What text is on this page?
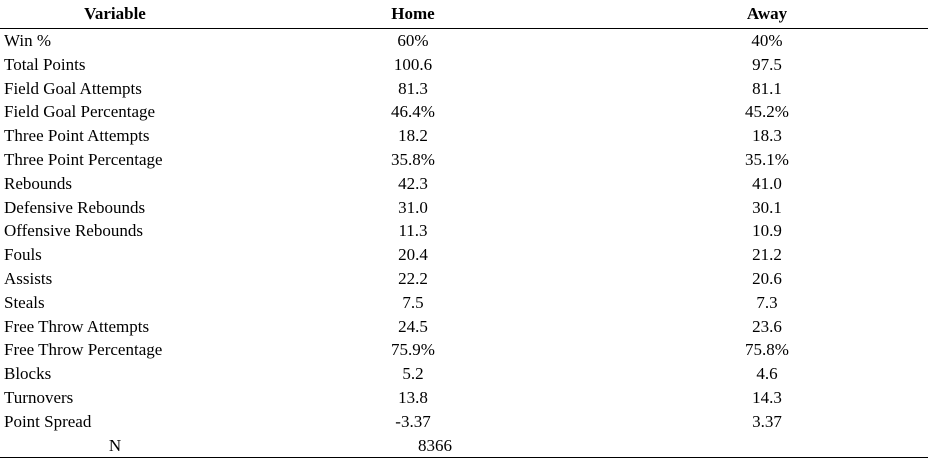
Variable	Home	Away
Win %	60%	40%
Total Points	100.6	97.5
Field Goal Attempts	81.3	81.1
Field Goal Percentage	46.4%	45.2%
Three Point Attempts	18.2	18.3
Three Point Percentage	35.8%	35.1%
Rebounds	42.3	41.0
Defensive Rebounds	31.0	30.1
Offensive Rebounds	11.3	10.9
Fouls	20.4	21.2
Assists	22.2	20.6
Steals	7.5	7.3
Free Throw Attempts	24.5	23.6
Free Throw Percentage	75.9%	75.8%
Blocks	5.2	4.6
Turnovers	13.8	14.3
Point Spread	-3.37	3.37
N	8366	
